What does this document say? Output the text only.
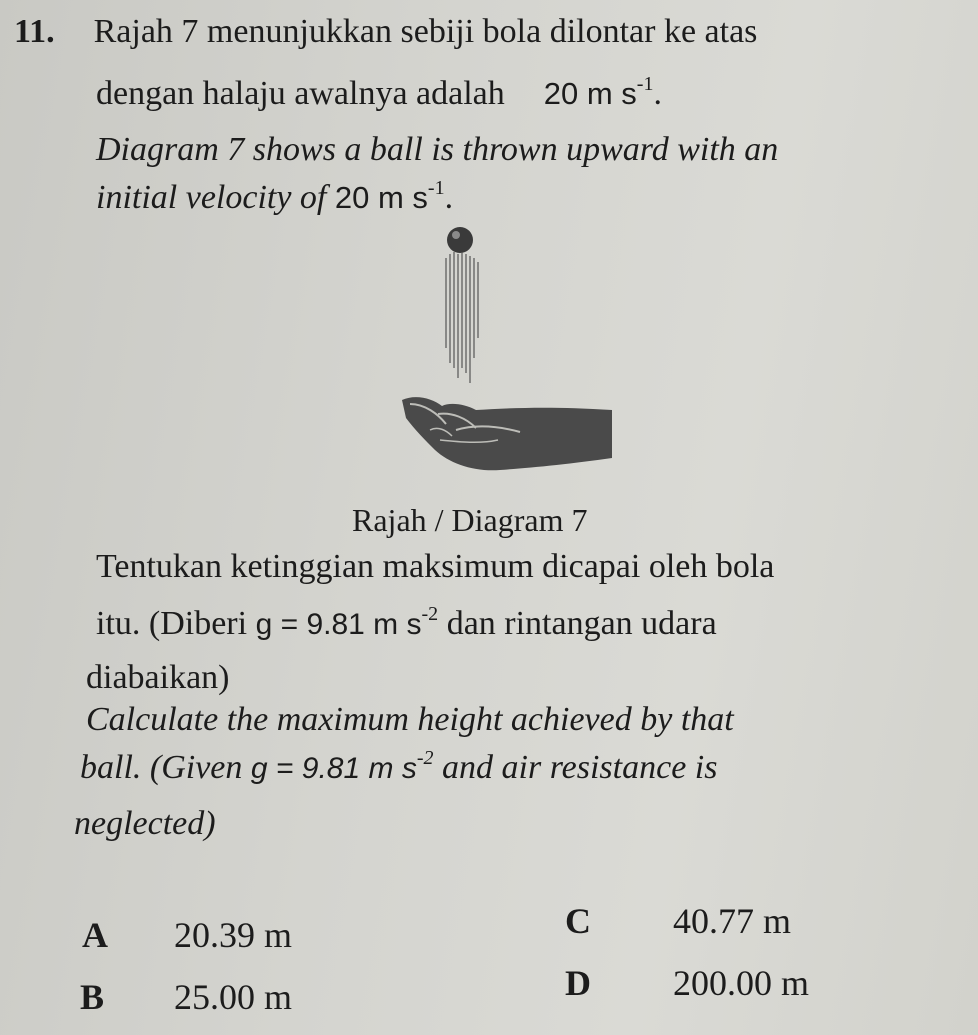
11. Rajah 7 menunjukkan sebiji bola dilontar ke atas
dengan halaju awalnya adalah 20 m $s^{-1}$.
Diagram 7 shows a ball is thrown upward with an
initial velocity of 20 m $s^{-1}$.
Rajah / Diagram 7
Tentukan ketinggian maksimum dicapai oleh bola
itu. (Diberi g = 9.81 m $s^{-2}$ dan rintangan udara
diabaikan)
Calculate the maximum height achieved by that
ball. (Given g = 9.81 m $s^{-2}$ and air resistance is
neglected)
A 20.39 m
B 25.00 m
C 40.77 m
D 200.00 m
